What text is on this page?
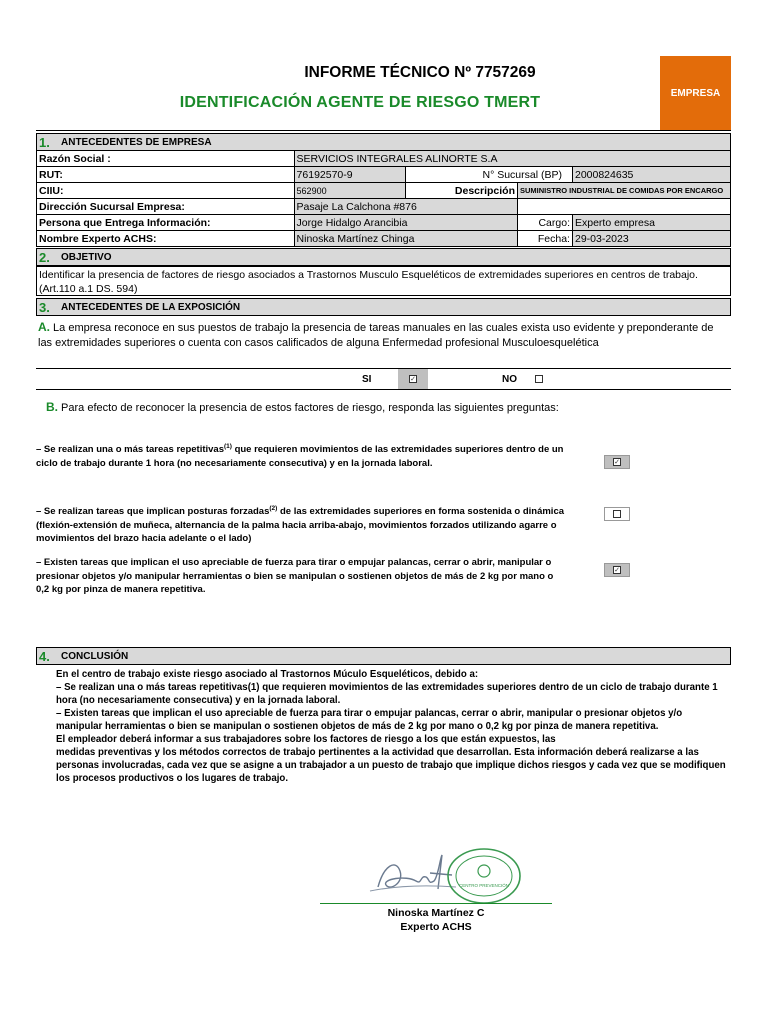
INFORME TÉCNICO Nº 7757269
IDENTIFICACIÓN AGENTE DE RIESGO TMERT
EMPRESA
1.	ANTECEDENTES DE EMPRESA
Razón Social :	SERVICIOS INTEGRALES ALINORTE S.A			
RUT:	76192570-9	N° Sucursal (BP)		2000824635
CIIU:	562900	Descripción	SUMINISTRO INDUSTRIAL DE COMIDAS POR ENCARGO	
Dirección Sucursal Empresa:	Pasaje La Calchona #876			
Persona que Entrega Información:	Jorge Hidalgo Arancibia		Cargo:	Experto empresa
Nombre Experto ACHS:	Ninoska Martínez Chinga		Fecha:	29-03-2023
2.	OBJETIVO
Identificar la presencia de factores de riesgo asociados a Trastornos Musculo Esqueléticos de extremidades superiores en centros de trabajo. (Art.110 a.1 DS. 594)
3.	ANTECEDENTES DE LA EXPOSICIÓN
A. La empresa reconoce en sus puestos de trabajo la presencia de tareas manuales en las cuales exista uso evidente y preponderante de las extremidades superiores o cuenta con casos calificados de alguna Enfermedad profesional Musculoesquelética
SI	✓	NO
B. Para efecto de reconocer la presencia de estos factores de riesgo, responda las siguientes preguntas:
– Se realizan una o más tareas repetitivas$^{(1)}$ que requieren movimientos de las extremidades superiores dentro de un ciclo de trabajo durante 1 hora (no necesariamente consecutiva) y en la jornada laboral.	✓
– Se realizan tareas que implican posturas forzadas$^{(2)}$ de las extremidades superiores en forma sostenida o dinámica (flexión-extensión de muñeca, alternancia de la palma hacia arriba-abajo, movimientos forzados utilizando agarre o movimientos del brazo hacia adelante o el lado)
– Existen tareas que implican el uso apreciable de fuerza para tirar o empujar palancas, cerrar o abrir, manipular o presionar objetos y/o manipular herramientas o bien se manipulan o sostienen objetos de más de 2 kg por mano o 0,2 kg por pinza de manera repetitiva.
✓
4.	CONCLUSIÓN

En el centro de trabajo existe riesgo asociado al Trastornos Múculo Esqueléticos, debido a:

– Se realizan una o más tareas repetitivas(1) que requieren movimientos de las extremidades superiores dentro de un ciclo de trabajo durante 1 hora (no necesariamente consecutiva) y en la jornada laboral.

– Existen tareas que implican el uso apreciable de fuerza para tirar o empujar palancas, cerrar o abrir, manipular o presionar objetos y/o manipular herramientas o bien se manipulan o sostienen objetos de más de 2 kg por mano o 0,2 kg por pinza de manera repetitiva.

El empleador deberá informar a sus trabajadores sobre los factores de riesgo a los que están expuestos, las

medidas preventivas y los métodos correctos de trabajo pertinentes a la actividad que desarrollan. Esta información deberá realizarse a las personas involucradas, cada vez que se asigne a un trabajador a un puesto de trabajo que implique dichos riesgos y cada vez que se modifiquen los procesos productivos o los lugares de trabajo.

CENTRO PREVENCIÓN
Ninoska Martínez C
Experto ACHS
